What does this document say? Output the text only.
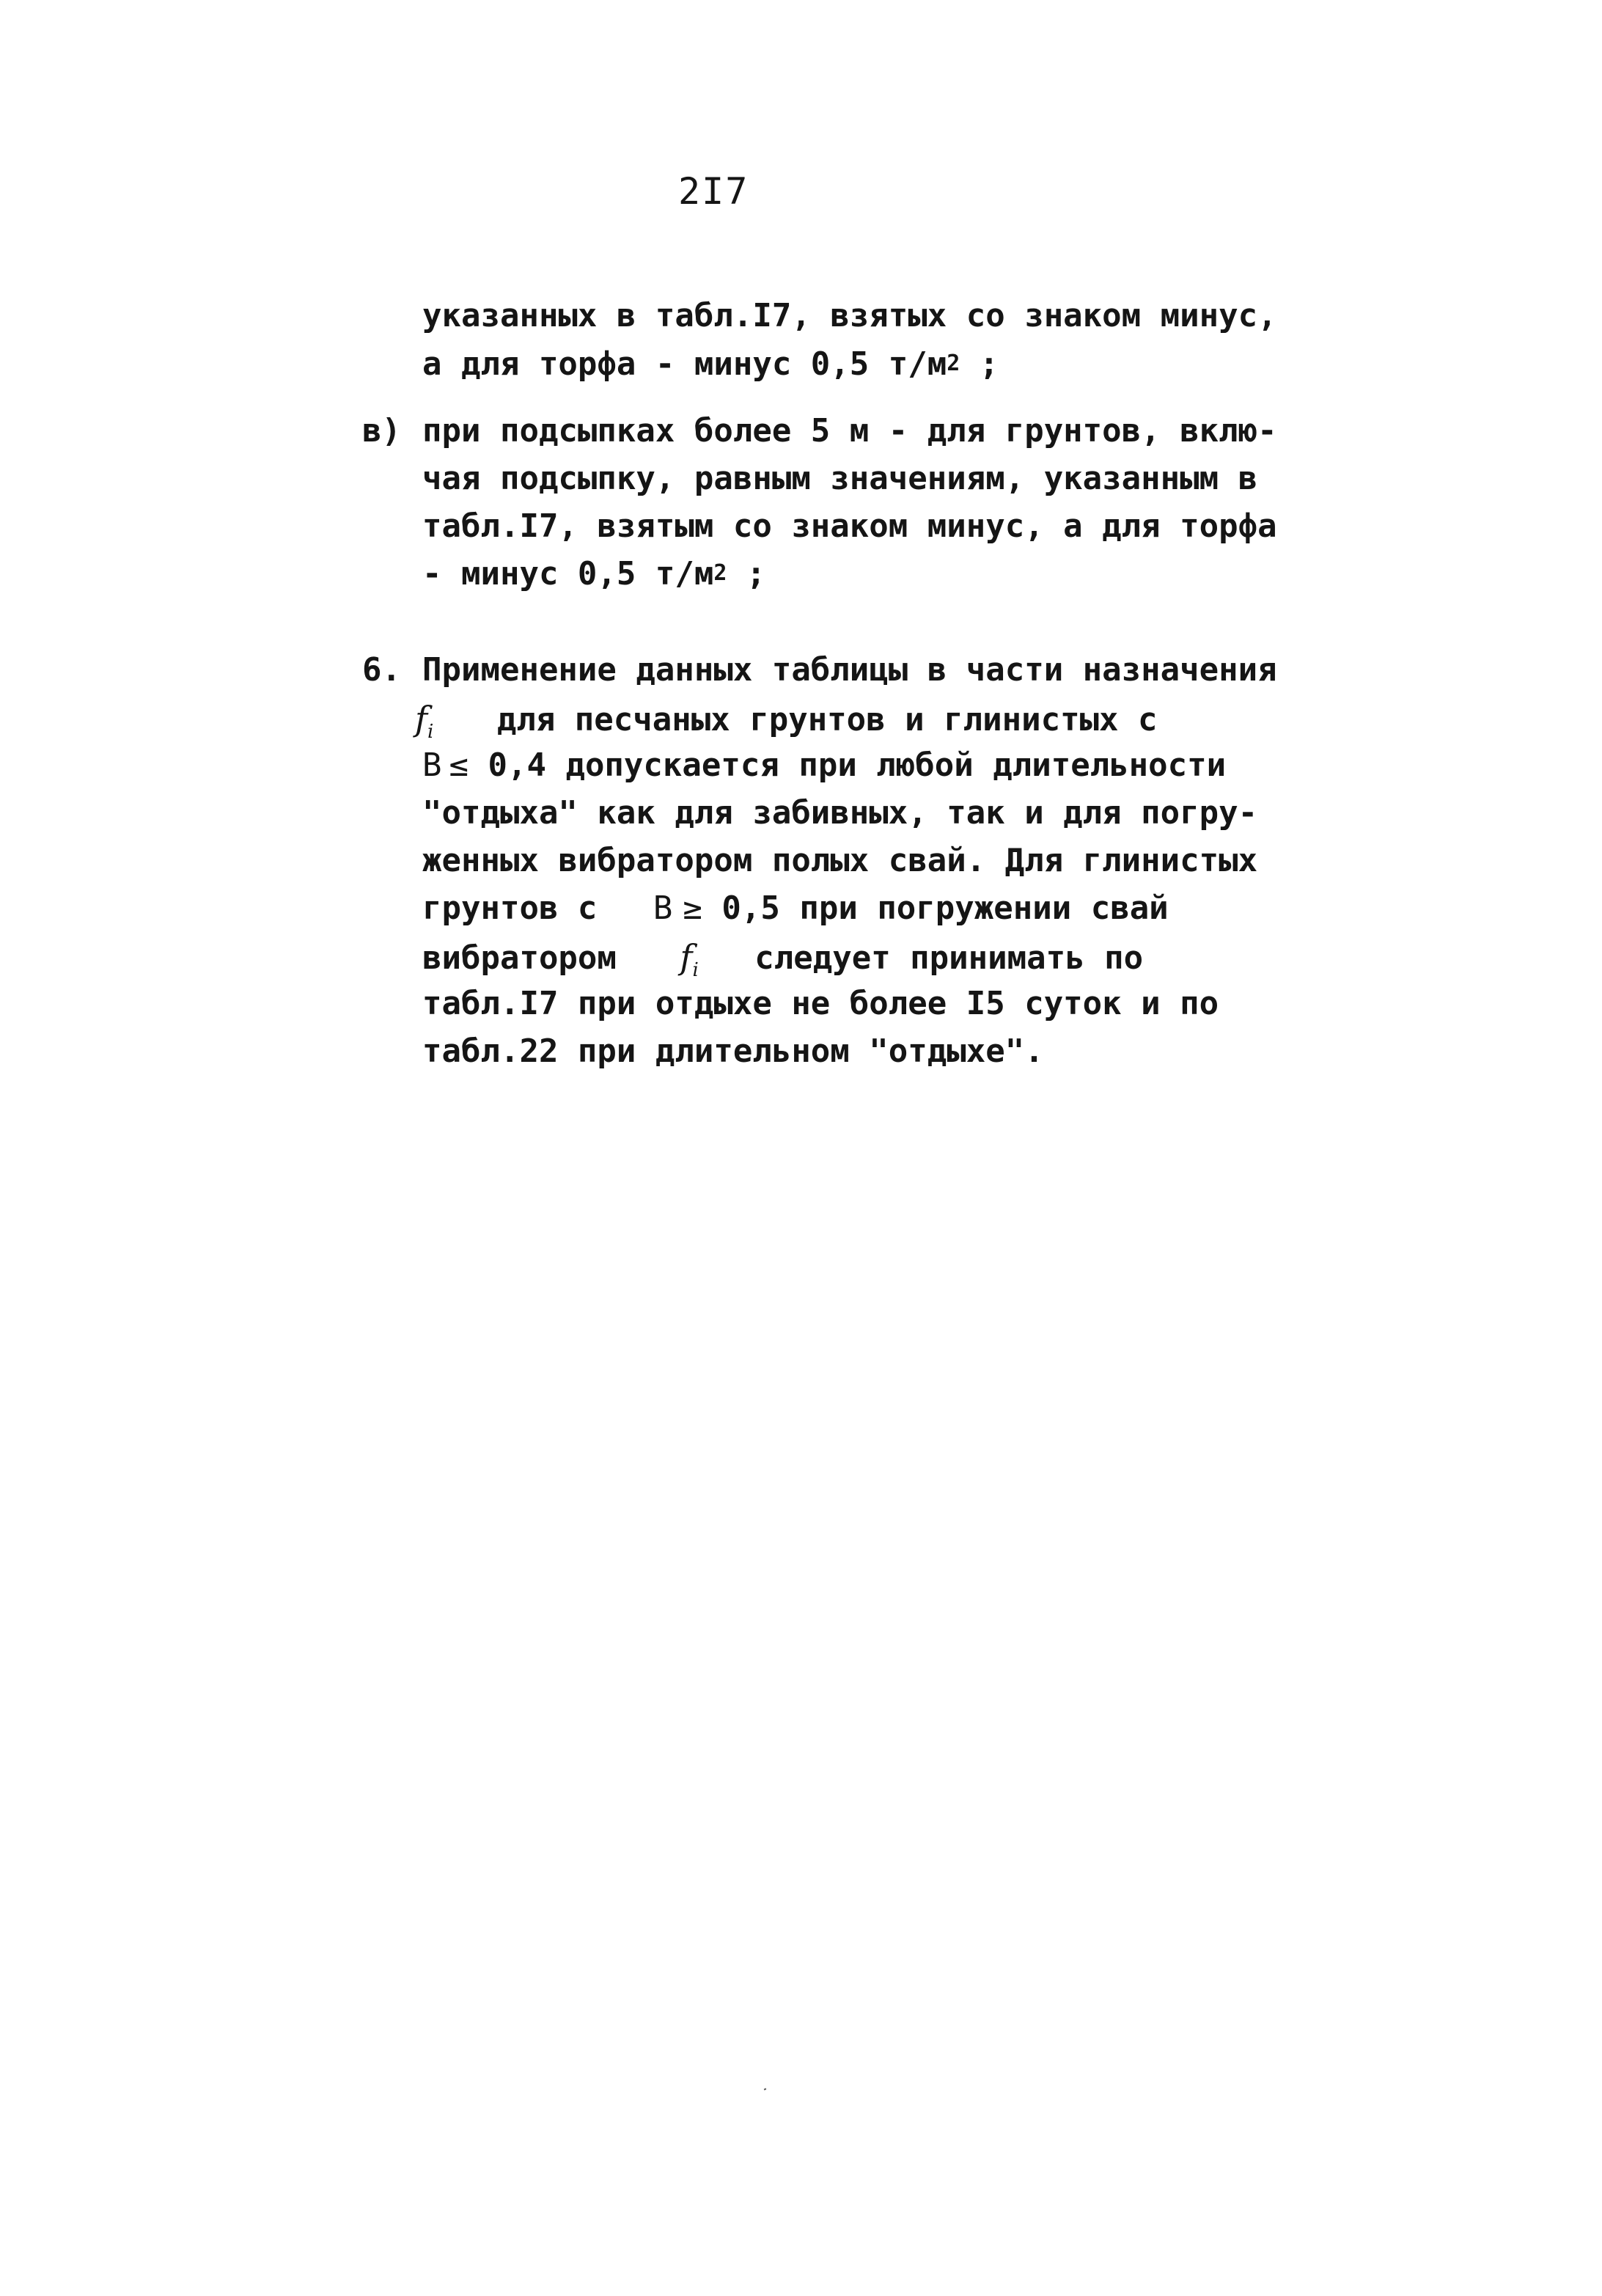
2I7
указанных в табл.I7, взятых со знаком минус,
а для торфа - минус 0,5 $т/м^2$ ;
в) при подсыпках более 5 м - для грунтов, вклю-
чая подсыпку, равным значениям, указанным в
табл.I7, взятым со знаком минус, а для торфа
- минус 0,5 $т/м^2$ ;
6. Применение данных таблицы в части назначения
$f_i$ для песчаных грунтов и глинистых с
B ≤ 0,4 допускается при любой длительности
"отдыха" как для забивных, так и для погру-
женных вибратором полых свай. Для глинистых
грунтов с B ≥ 0,5 при погружении свай
вибратором $f_i$ следует принимать по
табл.I7 при отдыхе не более I5 суток и по
табл.22 при длительном "отдыхе".
